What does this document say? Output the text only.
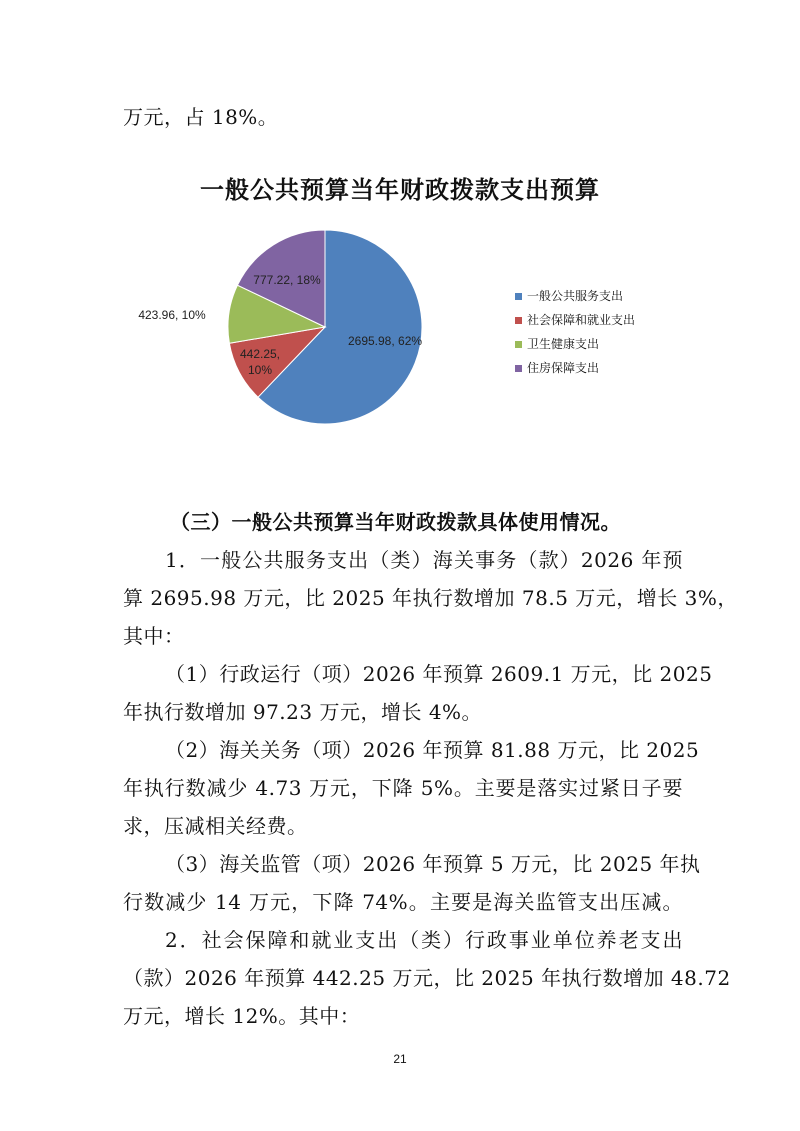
万元，占 18%。
一般公共预算当年财政拨款支出预算
2695.98, 62%
442.25,
10%
423.96, 10%
777.22, 18%
一般公共服务支出
社会保障和就业支出
卫生健康支出
住房保障支出
（三）一般公共预算当年财政拨款具体使用情况。
1．一般公共服务支出（类）海关事务（款）2026 年预
算 2695.98 万元，比 2025 年执行数增加 78.5 万元，增长 3%，
其中：
（1）行政运行（项）2026 年预算 2609.1 万元，比 2025
年执行数增加 97.23 万元，增长 4%。
（2）海关关务（项）2026 年预算 81.88 万元，比 2025
年执行数减少 4.73 万元，下降 5%。主要是落实过紧日子要
求，压减相关经费。
（3）海关监管（项）2026 年预算 5 万元，比 2025 年执
行数减少 14 万元，下降 74%。主要是海关监管支出压减。
2．社会保障和就业支出（类）行政事业单位养老支出
（款）2026 年预算 442.25 万元，比 2025 年执行数增加 48.72
万元，增长 12%。其中：
21
